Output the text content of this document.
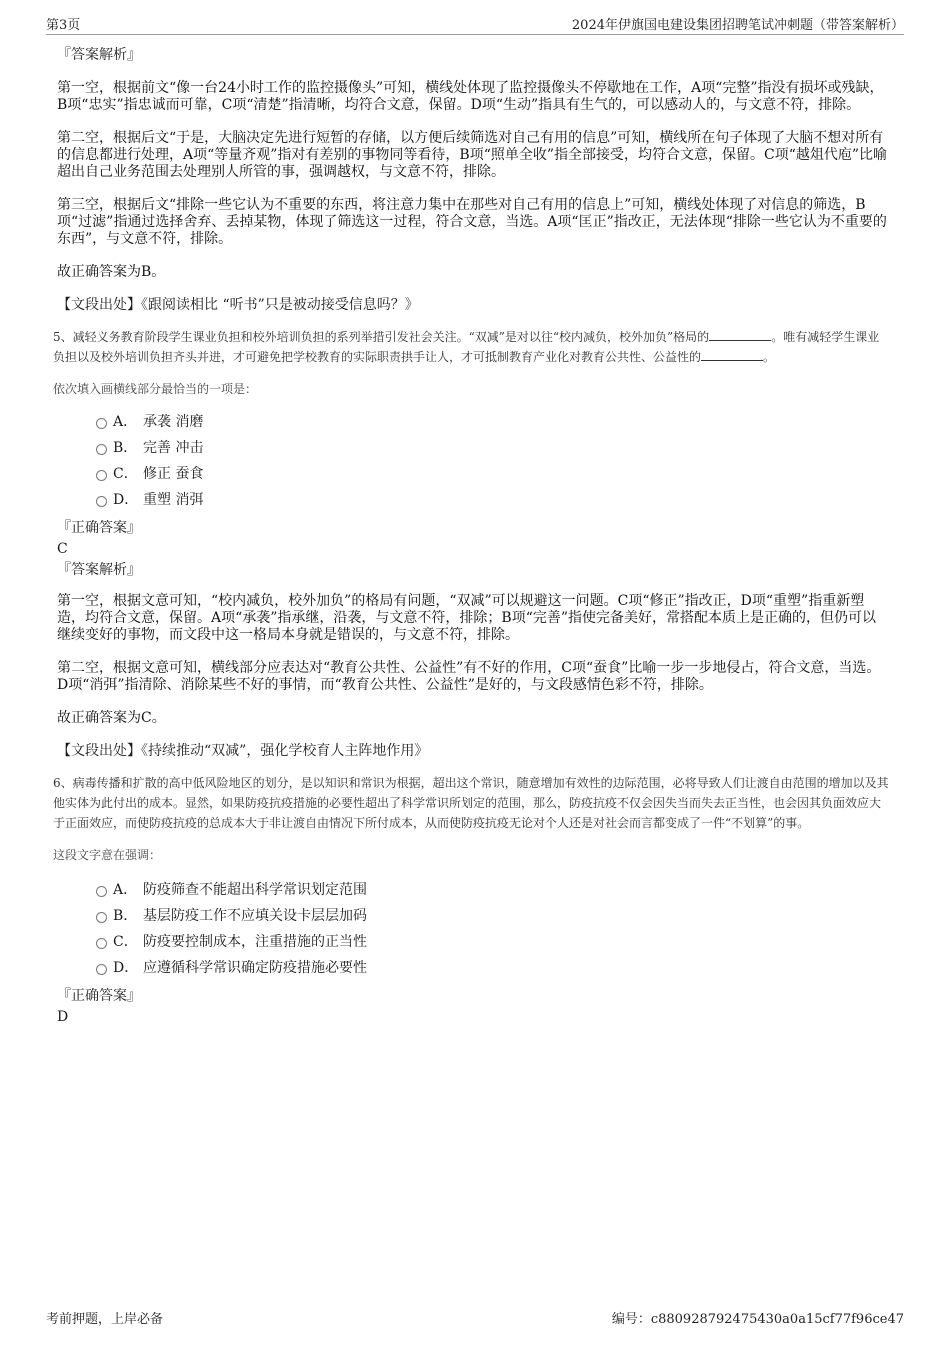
第3页	2024年伊旗国电建设集团招聘笔试冲刺题（带答案解析）

『答案解析』

第一空，根据前文“像一台24小时工作的监控摄像头”可知，横线处体现了监控摄像头不停歇地在工作，A项“完整”指没有损坏或残缺，B项“忠实”指忠诚而可靠，C项“清楚”指清晰，均符合文意，保留。D项“生动”指具有生气的，可以感动人的，与文意不符，排除。

第二空，根据后文“于是，大脑决定先进行短暂的存储，以方便后续筛选对自己有用的信息”可知，横线所在句子体现了大脑不想对所有的信息都进行处理，A项“等量齐观”指对有差别的事物同等看待，B项“照单全收”指全部接受，均符合文意，保留。C项“越俎代庖”比喻超出自己业务范围去处理别人所管的事，强调越权，与文意不符，排除。

第三空，根据后文“排除一些它认为不重要的东西，将注意力集中在那些对自己有用的信息上”可知，横线处体现了对信息的筛选，B项“过滤”指通过选择舍弃、丢掉某物，体现了筛选这一过程，符合文意，当选。A项“匡正”指改正，无法体现“排除一些它认为不重要的东西”，与文意不符，排除。

故正确答案为B。

【文段出处】《跟阅读相比 “听书”只是被动接受信息吗？》

5、减轻义务教育阶段学生课业负担和校外培训负担的系列举措引发社会关注。“双减”是对以往“校内减负，校外加负”格局的	。唯有减轻学生课业负担以及校外培训负担齐头并进，才可避免把学校教育的实际职责拱手让人，才可抵制教育产业化对教育公共性、公益性的	。

依次填入画横线部分最恰当的一项是：

A． 承袭 消磨
B． 完善 冲击
C． 修正 蚕食
D． 重塑 消弭

『正确答案』

C

『答案解析』

第一空，根据文意可知，“校内减负，校外加负”的格局有问题，“双减”可以规避这一问题。C项“修正”指改正，D项“重塑”指重新塑造，均符合文意，保留。A项“承袭”指承继，沿袭，与文意不符，排除；B项“完善”指使完备美好，常搭配本质上是正确的，但仍可以继续变好的事物，而文段中这一格局本身就是错误的，与文意不符，排除。

第二空，根据文意可知，横线部分应表达对“教育公共性、公益性”有不好的作用，C项“蚕食”比喻一步一步地侵占，符合文意，当选。D项“消弭”指清除、消除某些不好的事情，而“教育公共性、公益性”是好的，与文段感情色彩不符，排除。

故正确答案为C。

【文段出处】《持续推动“双减”，强化学校育人主阵地作用》

6、病毒传播和扩散的高中低风险地区的划分，是以知识和常识为根据，超出这个常识，随意增加有效性的边际范围，必将导致人们让渡自由范围的增加以及其他实体为此付出的成本。显然，如果防疫抗疫措施的必要性超出了科学常识所划定的范围，那么，防疫抗疫不仅会因失当而失去正当性，也会因其负面效应大于正面效应，而使防疫抗疫的总成本大于非让渡自由情况下所付成本，从而使防疫抗疫无论对个人还是对社会而言都变成了一件“不划算”的事。

这段文字意在强调：

A． 防疫筛查不能超出科学常识划定范围
B． 基层防疫工作不应填关设卡层层加码
C． 防疫要控制成本，注重措施的正当性
D． 应遵循科学常识确定防疫措施必要性

『正确答案』

D

考前押题，上岸必备	编号：c880928792475430a0a15cf77f96ce47
